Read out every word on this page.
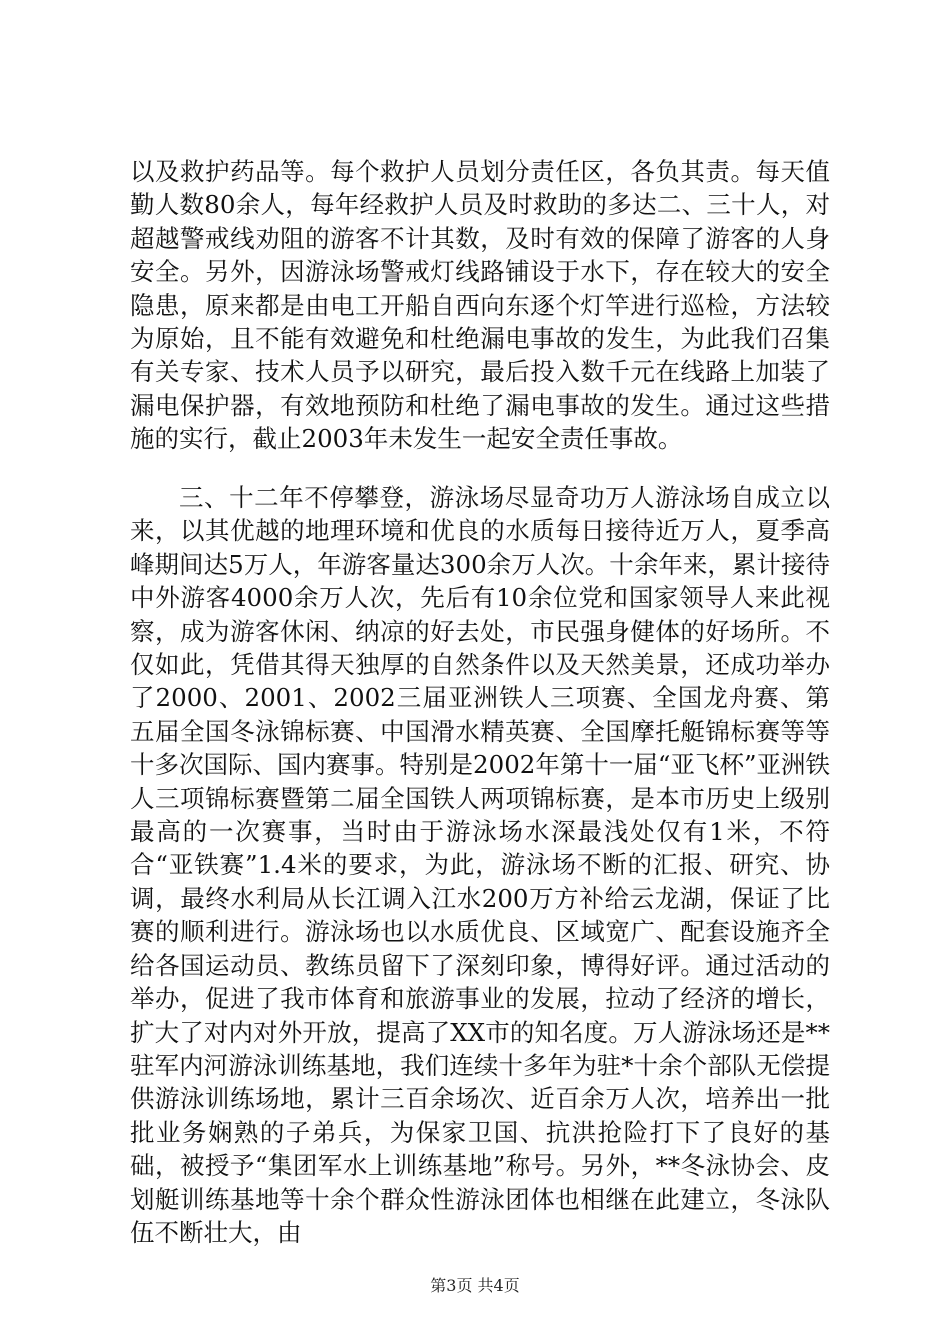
以及救护药品等。每个救护人员划分责任区，各负其责。每天值勤人数80余人，每年经救护人员及时救助的多达二、三十人，对超越警戒线劝阻的游客不计其数，及时有效的保障了游客的人身安全。另外，因游泳场警戒灯线路铺设于水下，存在较大的安全隐患，原来都是由电工开船自西向东逐个灯竿进行巡检，方法较为原始，且不能有效避免和杜绝漏电事故的发生，为此我们召集有关专家、技术人员予以研究，最后投入数千元在线路上加装了漏电保护器，有效地预防和杜绝了漏电事故的发生。通过这些措施的实行，截止2003年未发生一起安全责任事故。

三、十二年不停攀登，游泳场尽显奇功万人游泳场自成立以来，以其优越的地理环境和优良的水质每日接待近万人，夏季高峰期间达5万人，年游客量达300余万人次。十余年来，累计接待中外游客4000余万人次，先后有10余位党和国家领导人来此视察，成为游客休闲、纳凉的好去处，市民强身健体的好场所。不仅如此，凭借其得天独厚的自然条件以及天然美景，还成功举办了2000、2001、2002三届亚洲铁人三项赛、全国龙舟赛、第五届全国冬泳锦标赛、中国滑水精英赛、全国摩托艇锦标赛等等十多次国际、国内赛事。特别是2002年第十一届“亚飞杯”亚洲铁人三项锦标赛暨第二届全国铁人两项锦标赛，是本市历史上级别最高的一次赛事，当时由于游泳场水深最浅处仅有1米，不符合“亚铁赛”1.4米的要求，为此，游泳场不断的汇报、研究、协调，最终水利局从长江调入江水200万方补给云龙湖，保证了比赛的顺利进行。游泳场也以水质优良、区域宽广、配套设施齐全给各国运动员、教练员留下了深刻印象，博得好评。通过活动的举办，促进了我市体育和旅游事业的发展，拉动了经济的增长，扩大了对内对外开放，提高了XX市的知名度。万人游泳场还是**驻军内河游泳训练基地，我们连续十多年为驻*十余个部队无偿提供游泳训练场地，累计三百余场次、近百余万人次，培养出一批批业务娴熟的子弟兵，为保家卫国、抗洪抢险打下了良好的基础，被授予“集团军水上训练基地”称号。另外，**冬泳协会、皮划艇训练基地等十余个群众性游泳团体也相继在此建立，冬泳队伍不断壮大，由

第3页 共4页
